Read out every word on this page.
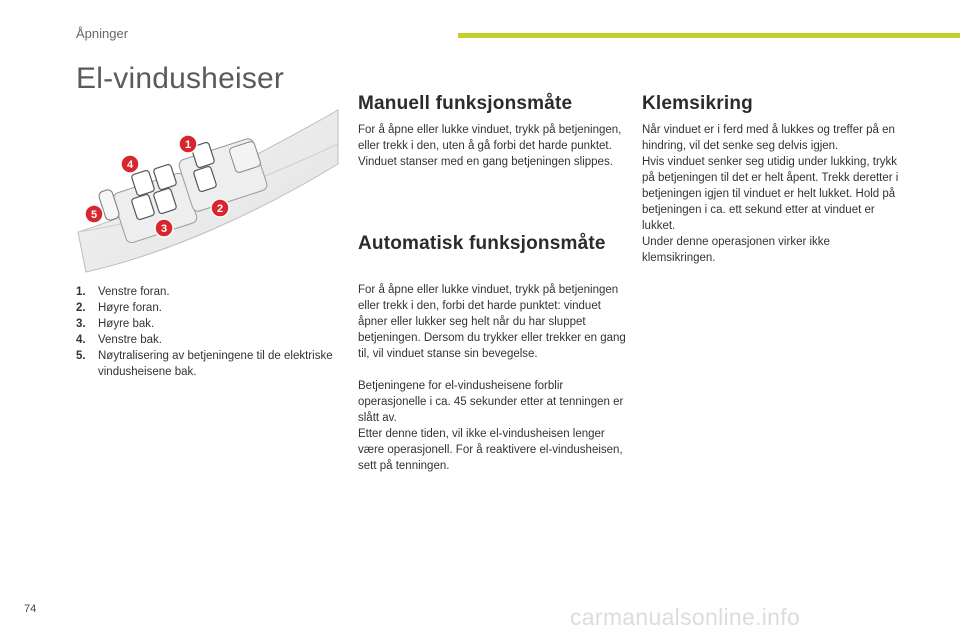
Åpninger
El-vindusheiser
1
2
3
4
5
1.	Venstre foran.
2.	Høyre foran.
3.	Høyre bak.
4.	Venstre bak.
5.	Nøytralisering av betjeningene til de elektriske vindusheisene bak.
Manuell funksjonsmåte

For å åpne eller lukke vinduet, trykk på betjeningen, eller trekk i den, uten å gå forbi det harde punktet. Vinduet stanser med en gang betjeningen slippes.

Automatisk funksjonsmåte

For å åpne eller lukke vinduet, trykk på betjeningen eller trekk i den, forbi det harde punktet: vinduet åpner eller lukker seg helt når du har sluppet betjeningen. Dersom du trykker eller trekker en gang til, vil vinduet stanse sin bevegelse.

Betjeningene for el-vindusheisene forblir operasjonelle i ca. 45 sekunder etter at tenningen er slått av.

Etter denne tiden, vil ikke el-vindusheisen lenger være operasjonell. For å reaktivere el-vindusheisen, sett på tenningen.

Klemsikring

Når vinduet er i ferd med å lukkes og treffer på en hindring, vil det senke seg delvis igjen.

Hvis vinduet senker seg utidig under lukking, trykk på betjeningen til det er helt åpent. Trekk deretter i betjeningen igjen til vinduet er helt lukket. Hold på betjeningen i ca. ett sekund etter at vinduet er lukket.

Under denne operasjonen virker ikke klemsikringen.

74	carmanualsonline.info
